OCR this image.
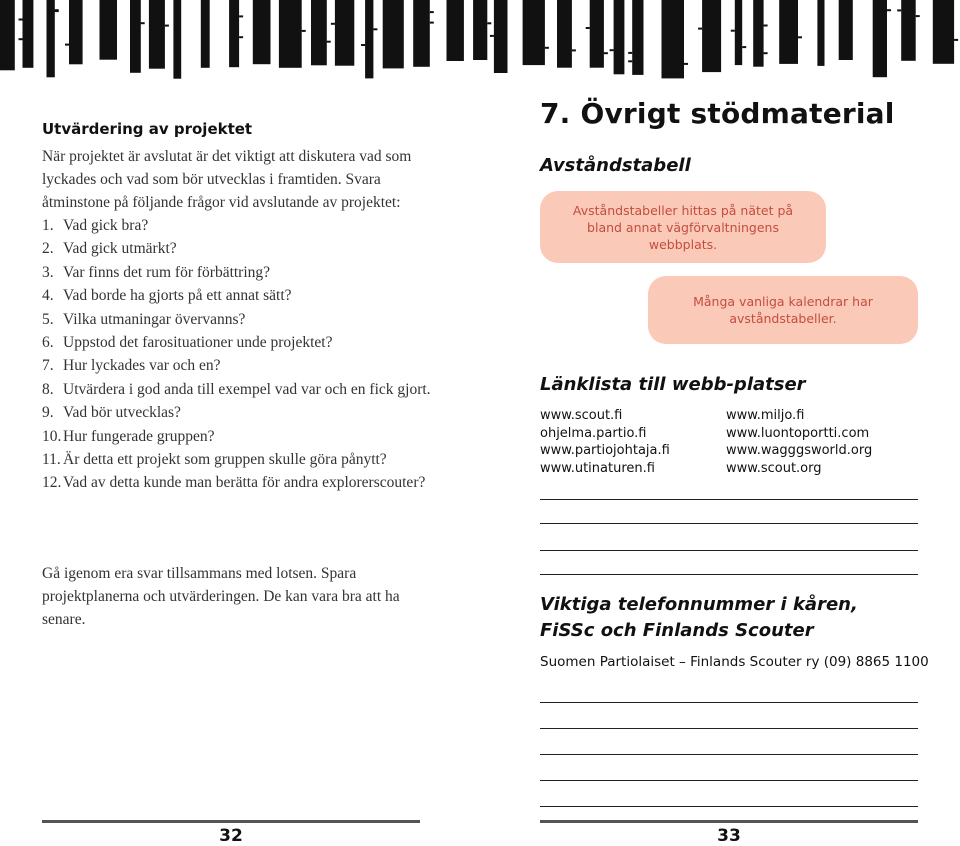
Utvärdering av projektet
När projektet är avslutat är det viktigt att diskutera vad som lyckades och vad som bör utvecklas i framtiden. Svara åtminstone på följande frågor vid avslutande av projektet:
1. Vad gick bra?
2. Vad gick utmärkt?
3. Var finns det rum för förbättring?
4. Vad borde ha gjorts på ett annat sätt?
5. Vilka utmaningar övervanns?
6. Uppstod det farosituationer unde projektet?
7. Hur lyckades var och en?
8. Utvärdera i god anda till exempel vad var och en fick gjort.
9. Vad bör utvecklas?
10. Hur fungerade gruppen?
11. Är detta ett projekt som gruppen skulle göra pånytt?
12. Vad av detta kunde man berätta för andra explorerscouter?
Gå igenom era svar tillsammans med lotsen. Spara projektplanerna och utvärderingen. De kan vara bra att ha senare.
32
7. Övrigt stödmaterial
Avståndstabell
Avståndstabeller hittas på nätet på bland annat vägförvaltningens webbplats.
Många vanliga kalendrar har avståndstabeller.
Länklista till webb-platser
www.scout.fi
ohjelma.partio.fi
www.partiojohtaja.fi
www.utinaturen.fi
www.miljo.fi
www.luontoportti.com
www.wagggsworld.org
www.scout.org
Viktiga telefonnummer i kåren,
FiSSc och Finlands Scouter
Suomen Partiolaiset – Finlands Scouter ry (09) 8865 1100
33
